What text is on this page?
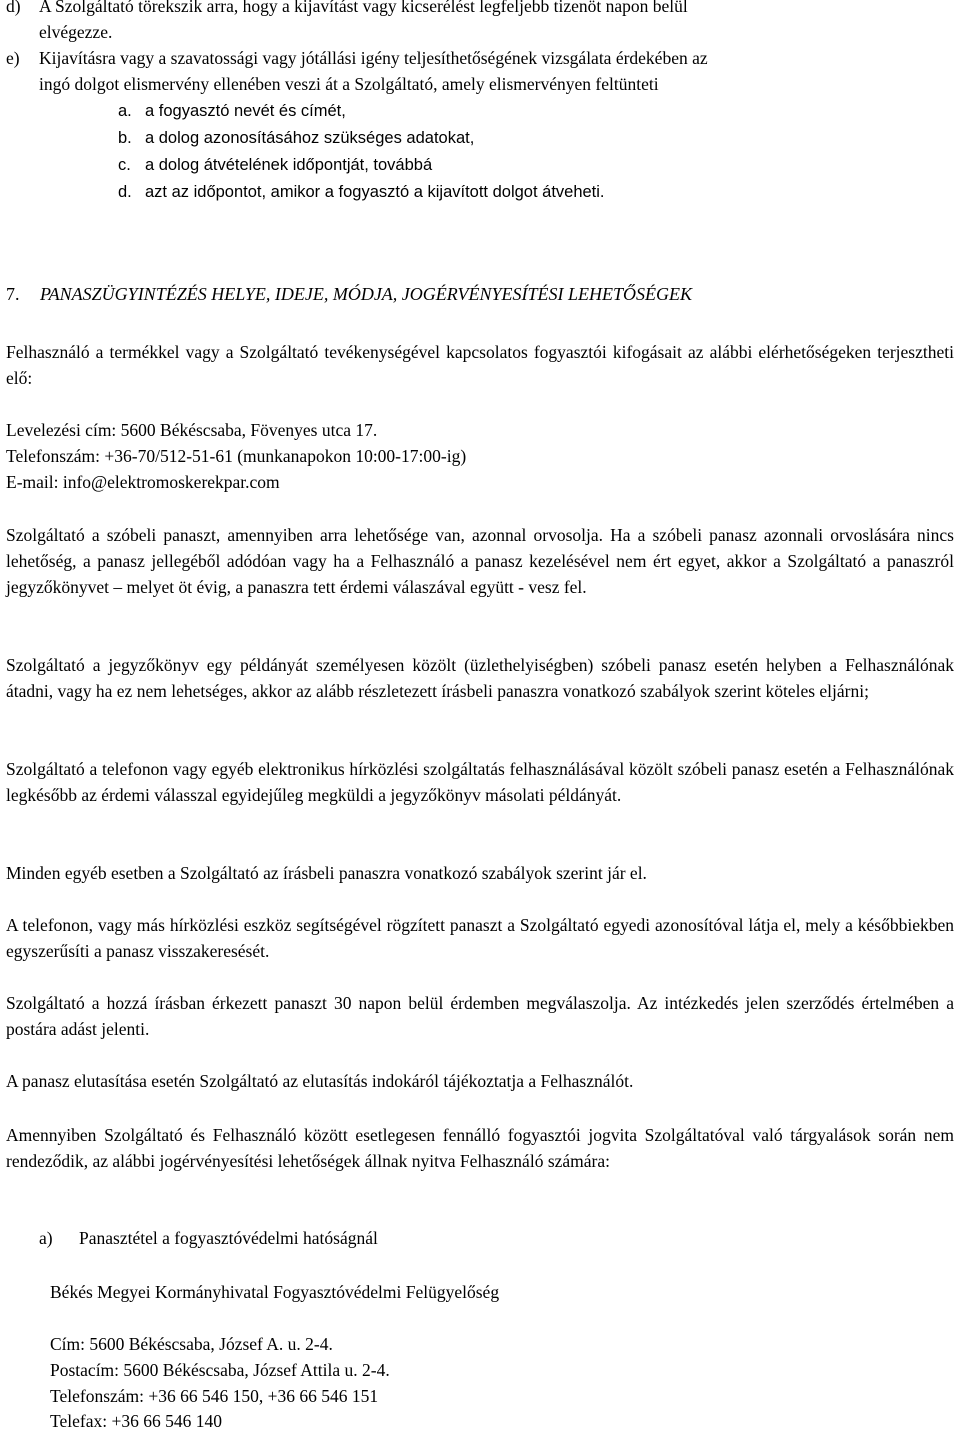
d) A Szolgáltató törekszik arra, hogy a kijavítást vagy kicserélést legfeljebb tizenöt napon belül
elvégezze.
e) Kijavításra vagy a szavatossági vagy jótállási igény teljesíthetőségének vizsgálata érdekében az
ingó dolgot elismervény ellenében veszi át a Szolgáltató, amely elismervényen feltünteti
a. a fogyasztó nevét és címét,
b. a dolog azonosításához szükséges adatokat,
c. a dolog átvételének időpontját, továbbá
d. azt az időpontot, amikor a fogyasztó a kijavított dolgot átveheti.
7. PANASZÜGYINTÉZÉS HELYE, IDEJE, MÓDJA, JOGÉRVÉNYESÍTÉSI LEHETŐSÉGEK
Felhasználó a termékkel vagy a Szolgáltató tevékenységével kapcsolatos fogyasztói kifogásait az alábbi elérhetőségeken terjesztheti elő:
Levelezési cím: 5600 Békéscsaba, Fövenyes utca 17.
Telefonszám: +36-70/512-51-61 (munkanapokon 10:00-17:00-ig)
E-mail: info@elektromoskerekpar.com
Szolgáltató a szóbeli panaszt, amennyiben arra lehetősége van, azonnal orvosolja. Ha a szóbeli panasz azonnali orvoslására nincs lehetőség, a panasz jellegéből adódóan vagy ha a Felhasználó a panasz kezelésével nem ért egyet, akkor a Szolgáltató a panaszról jegyzőkönyvet – melyet öt évig, a panaszra tett érdemi válaszával együtt - vesz fel.
Szolgáltató a jegyzőkönyv egy példányát személyesen közölt (üzlethelyiségben) szóbeli panasz esetén helyben a Felhasználónak átadni, vagy ha ez nem lehetséges, akkor az alább részletezett írásbeli panaszra vonatkozó szabályok szerint köteles eljárni;
Szolgáltató a telefonon vagy egyéb elektronikus hírközlési szolgáltatás felhasználásával közölt szóbeli panasz esetén a Felhasználónak legkésőbb az érdemi válasszal egyidejűleg megküldi a jegyzőkönyv másolati példányát.
Minden egyéb esetben a Szolgáltató az írásbeli panaszra vonatkozó szabályok szerint jár el.
A telefonon, vagy más hírközlési eszköz segítségével rögzített panaszt a Szolgáltató egyedi azonosítóval látja el, mely a későbbiekben egyszerűsíti a panasz visszakeresését.
Szolgáltató a hozzá írásban érkezett panaszt 30 napon belül érdemben megválaszolja. Az intézkedés jelen szerződés értelmében a postára adást jelenti.
A panasz elutasítása esetén Szolgáltató az elutasítás indokáról tájékoztatja a Felhasználót.
Amennyiben Szolgáltató és Felhasználó között esetlegesen fennálló fogyasztói jogvita Szolgáltatóval való tárgyalások során nem rendeződik, az alábbi jogérvényesítési lehetőségek állnak nyitva Felhasználó számára:
a) Panasztétel a fogyasztóvédelmi hatóságnál
Békés Megyei Kormányhivatal Fogyasztóvédelmi Felügyelőség
Cím: 5600 Békéscsaba, József A. u. 2-4.
Postacím: 5600 Békéscsaba, József Attila u. 2-4.
Telefonszám: +36 66 546 150, +36 66 546 151
Telefax: +36 66 546 140
